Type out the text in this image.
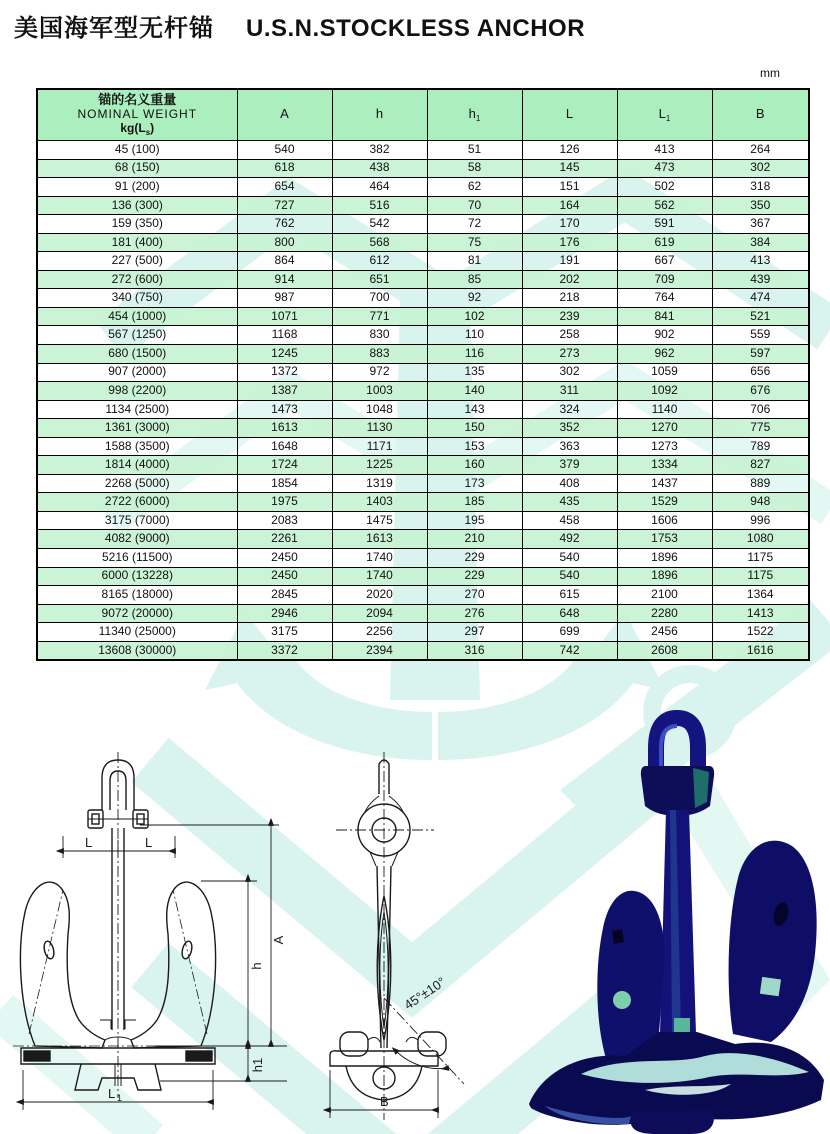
美国海军型无杆锚 U.S.N.STOCKLESS ANCHOR
mm
锚的名义重量
NOMINAL WEIGHT
$kg(L_s)$	A	h	$h_1$	L	$L_1$	B
45 (100)	540	382	51	126	413	264
68 (150)	618	438	58	145	473	302
91 (200)	654	464	62	151	502	318
136 (300)	727	516	70	164	562	350
159 (350)	762	542	72	170	591	367
181 (400)	800	568	75	176	619	384
227 (500)	864	612	81	191	667	413
272 (600)	914	651	85	202	709	439
340 (750)	987	700	92	218	764	474
454 (1000)	1071	771	102	239	841	521
567 (1250)	1168	830	110	258	902	559
680 (1500)	1245	883	116	273	962	597
907 (2000)	1372	972	135	302	1059	656
998 (2200)	1387	1003	140	311	1092	676
1134 (2500)	1473	1048	143	324	1140	706
1361 (3000)	1613	1130	150	352	1270	775
1588 (3500)	1648	1171	153	363	1273	789
1814 (4000)	1724	1225	160	379	1334	827
2268 (5000)	1854	1319	173	408	1437	889
2722 (6000)	1975	1403	185	435	1529	948
3175 (7000)	2083	1475	195	458	1606	996
4082 (9000)	2261	1613	210	492	1753	1080
5216 (11500)	2450	1740	229	540	1896	1175
6000 (13228)	2450	1740	229	540	1896	1175
8165 (18000)	2845	2020	270	615	2100	1364
9072 (20000)	2946	2094	276	648	2280	1413
11340 (25000)	3175	2256	297	699	2456	1522
13608 (30000)	3372	2394	316	742	2608	1616
L	L
A
h
h1
L 1
45°±10°
B
